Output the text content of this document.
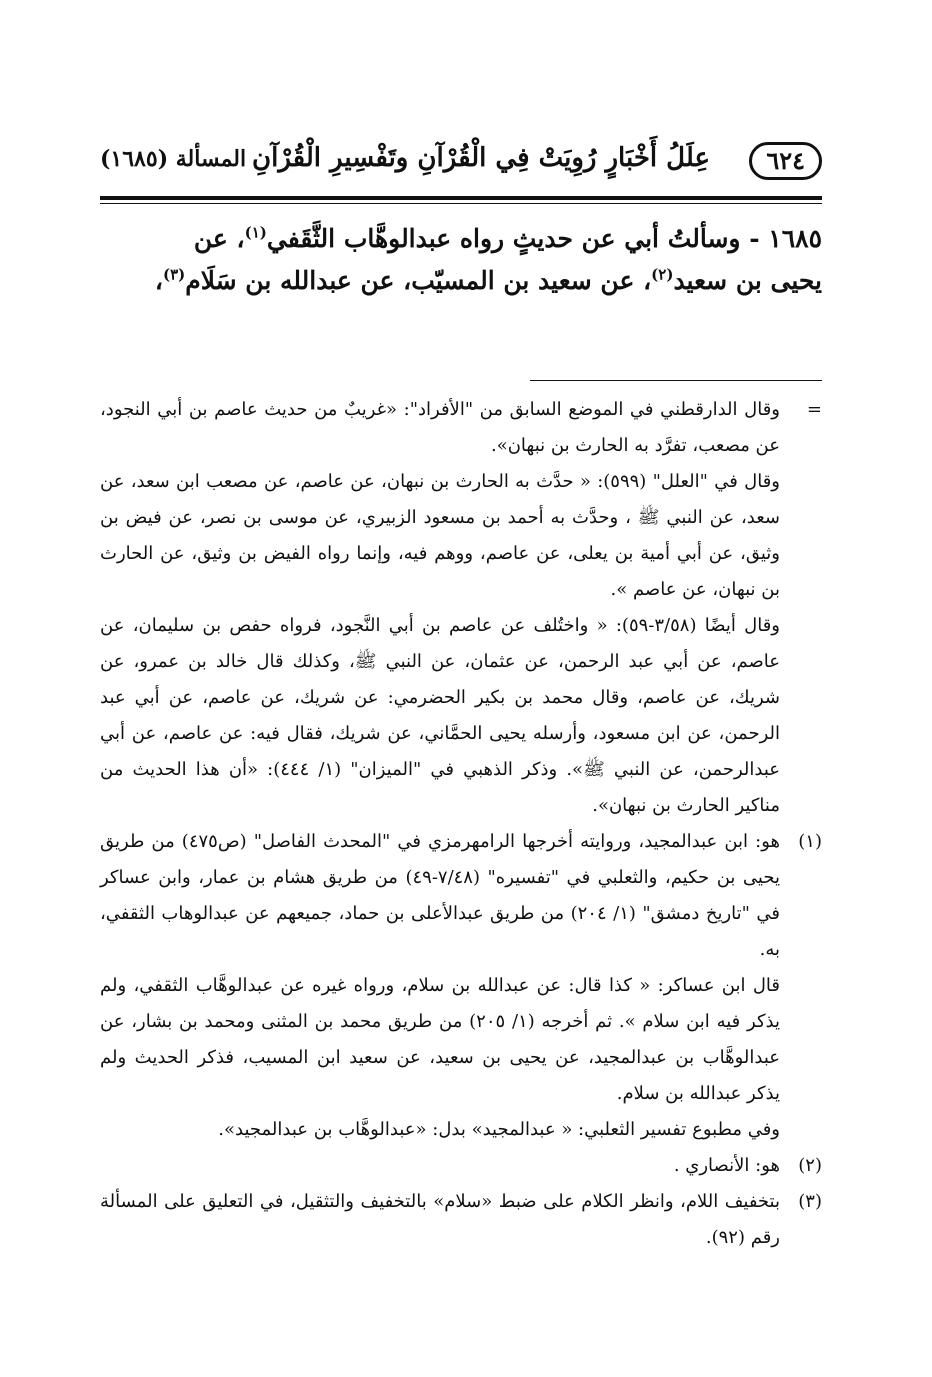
٦٢٤
عِلَلُ أَخْبَارٍ رُوِيَتْ فِي الْقُرْآنِ وتَفْسِيرِ الْقُرْآنِ
المسألة (١٦٨٥)

١٦٨٥ - وسألتُ أبي عن حديثٍ رواه عبدالوهَّاب الثَّقَفي$^{(١)}$، عن

يحيى بن سعيد$^{(٢)}$، عن سعيد بن المسيّب، عن عبدالله بن سَلَام$^{(٣)}$،

=

وقال الدارقطني في الموضع السابق من "الأفراد": «غريبٌ من حديث عاصم بن أبي النجود، عن مصعب، تفرَّد به الحارث بن نبهان».

وقال في "العلل" (٥٩٩): « حدَّث به الحارث بن نبهان، عن عاصم، عن مصعب ابن سعد، عن سعد، عن النبي ﷺ ، وحدَّث به أحمد بن مسعود الزبيري، عن موسى بن نصر، عن فيض بن وثيق، عن أبي أمية بن يعلى، عن عاصم، ووهم فيه، وإنما رواه الفيض بن وثيق، عن الحارث بن نبهان، عن عاصم ».

وقال أيضًا (٣/٥٨-٥٩): « واختُلف عن عاصم بن أبي النَّجود، فرواه حفص بن سليمان، عن عاصم، عن أبي عبد الرحمن، عن عثمان، عن النبي ﷺ، وكذلك قال خالد بن عمرو، عن شريك، عن عاصم، وقال محمد بن بكير الحضرمي: عن شريك، عن عاصم، عن أبي عبد الرحمن، عن ابن مسعود، وأرسله يحيى الحمَّاني، عن شريك، فقال فيه: عن عاصم، عن أبي عبدالرحمن، عن النبي ﷺ». وذكر الذهبي في "الميزان" (١/ ٤٤٤): «أن هذا الحديث من مناكير الحارث بن نبهان».

(١)

هو: ابن عبدالمجيد، وروايته أخرجها الرامهرمزي في "المحدث الفاصل" (ص٤٧٥) من طريق يحيى بن حكيم، والثعلبي في "تفسيره" (٧/٤٨-٤٩) من طريق هشام بن عمار، وابن عساكر في "تاريخ دمشق" (١/ ٢٠٤) من طريق عبدالأعلى بن حماد، جميعهم عن عبدالوهاب الثقفي، به.

قال ابن عساكر: « كذا قال: عن عبدالله بن سلام، ورواه غيره عن عبدالوهَّاب الثقفي، ولم يذكر فيه ابن سلام ». ثم أخرجه (١/ ٢٠٥) من طريق محمد بن المثنى ومحمد بن بشار، عن عبدالوهَّاب بن عبدالمجيد، عن يحيى بن سعيد، عن سعيد ابن المسيب، فذكر الحديث ولم يذكر عبدالله بن سلام.

وفي مطبوع تفسير الثعلبي: « عبدالمجيد» بدل: «عبدالوهَّاب بن عبدالمجيد».

(٢)

هو: الأنصاري .

(٣)

بتخفيف اللام، وانظر الكلام على ضبط «سلام» بالتخفيف والتثقيل، في التعليق على المسألة رقم (٩٢).
